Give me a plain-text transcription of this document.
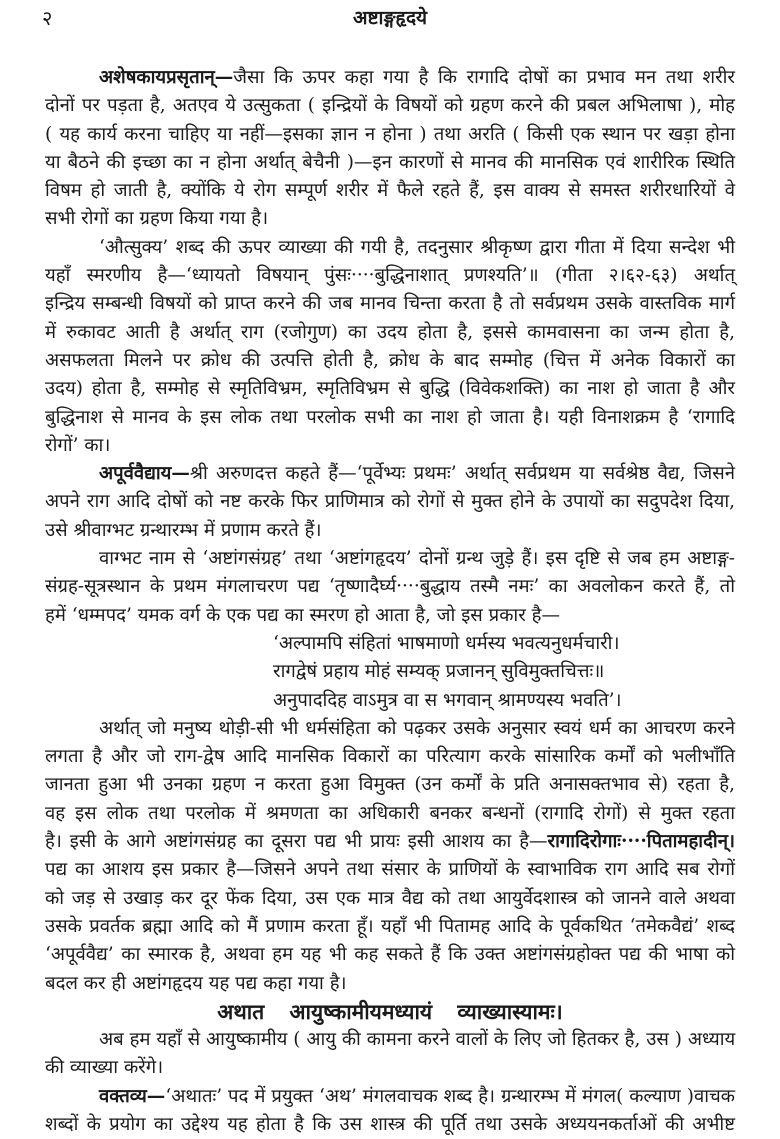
२	अष्टाङ्गहृदये
अशेषकायप्रसृतान्—जैसा कि ऊपर कहा गया है कि रागादि दोषों का प्रभाव मन तथा शरीर
दोनों पर पड़ता है, अतएव ये उत्सुकता ( इन्द्रियों के विषयों को ग्रहण करने की प्रबल अभिलाषा ), मोह
( यह कार्य करना चाहिए या नहीं—इसका ज्ञान न होना ) तथा अरति ( किसी एक स्थान पर खड़ा होना
या बैठने की इच्छा का न होना अर्थात् बेचैनी )—इन कारणों से मानव की मानसिक एवं शारीरिक स्थिति
विषम हो जाती है, क्योंकि ये रोग सम्पूर्ण शरीर में फैले रहते हैं, इस वाक्य से समस्त शरीरधारियों वे
सभी रोगों का ग्रहण किया गया है।
‘औत्सुक्य’ शब्द की ऊपर व्याख्या की गयी है, तदनुसार श्रीकृष्ण द्वारा गीता में दिया सन्देश भी
यहाँ स्मरणीय है—‘ध्यायतो विषयान् पुंसः····बुद्धिनाशात् प्रणश्यति’॥ (गीता २।६२-६३) अर्थात्
इन्द्रिय सम्बन्धी विषयों को प्राप्त करने की जब मानव चिन्ता करता है तो सर्वप्रथम उसके वास्तविक मार्ग
में रुकावट आती है अर्थात् राग (रजोगुण) का उदय होता है, इससे कामवासना का जन्म होता है,
असफलता मिलने पर क्रोध की उत्पत्ति होती है, क्रोध के बाद सम्मोह (चित्त में अनेक विकारों का
उदय) होता है, सम्मोह से स्मृतिविभ्रम, स्मृतिविभ्रम से बुद्धि (विवेकशक्ति) का नाश हो जाता है और
बुद्धिनाश से मानव के इस लोक तथा परलोक सभी का नाश हो जाता है। यही विनाशक्रम है ‘रागादि
रोगों’ का।
अपूर्ववैद्याय—श्री अरुणदत्त कहते हैं—‘पूर्वेभ्यः प्रथमः’ अर्थात् सर्वप्रथम या सर्वश्रेष्ठ वैद्य, जिसने
अपने राग आदि दोषों को नष्ट करके फिर प्राणिमात्र को रोगों से मुक्त होने के उपायों का सदुपदेश दिया,
उसे श्रीवाग्भट ग्रन्थारम्भ में प्रणाम करते हैं।
वाग्भट नाम से ‘अष्टांगसंग्रह’ तथा ‘अष्टांगहृदय’ दोनों ग्रन्थ जुड़े हैं। इस दृष्टि से जब हम अष्टाङ्ग-
संग्रह-सूत्रस्थान के प्रथम मंगलाचरण पद्य ‘तृष्णादैर्घ्य····बुद्धाय तस्मै नमः’ का अवलोकन करते हैं, तो
हमें ‘धम्मपद’ यमक वर्ग के एक पद्य का स्मरण हो आता है, जो इस प्रकार है—
‘अल्पामपि संहितां भाषमाणो धर्मस्य भवत्यनुधर्मचारी।
रागद्वेषं प्रहाय मोहं सम्यक् प्रजानन् सुविमुक्तचित्तः॥
अनुपाददिह वाऽमुत्र वा स भगवान् श्रामण्यस्य भवति’।
अर्थात् जो मनुष्य थोड़ी-सी भी धर्मसंहिता को पढ़कर उसके अनुसार स्वयं धर्म का आचरण करने
लगता है और जो राग-द्वेष आदि मानसिक विकारों का परित्याग करके सांसारिक कर्मों को भलीभाँति
जानता हुआ भी उनका ग्रहण न करता हुआ विमुक्त (उन कर्मों के प्रति अनासक्तभाव से) रहता है,
वह इस लोक तथा परलोक में श्रमणता का अधिकारी बनकर बन्धनों (रागादि रोगों) से मुक्त रहता
है। इसी के आगे अष्टांगसंग्रह का दूसरा पद्य भी प्रायः इसी आशय का है—रागादिरोगाः····पितामहादीन्।
पद्य का आशय इस प्रकार है—जिसने अपने तथा संसार के प्राणियों के स्वाभाविक राग आदि सब रोगों
को जड़ से उखाड़ कर दूर फेंक दिया, उस एक मात्र वैद्य को तथा आयुर्वेदशास्त्र को जानने वाले अथवा
उसके प्रवर्तक ब्रह्मा आदि को मैं प्रणाम करता हूँ। यहाँ भी पितामह आदि के पूर्वकथित ‘तमेकवैद्यं’ शब्द
‘अपूर्ववैद्य’ का स्मारक है, अथवा हम यह भी कह सकते हैं कि उक्त अष्टांगसंग्रहोक्त पद्य की भाषा को
बदल कर ही अष्टांगहृदय यह पद्य कहा गया है।
अथात आयुष्कामीयमध्यायं व्याख्यास्यामः।
अब हम यहाँ से आयुष्कामीय ( आयु की कामना करने वालों के लिए जो हितकर है, उस ) अध्याय
की व्याख्या करेंगे।
वक्तव्य—‘अथातः’ पद में प्रयुक्त ‘अथ’ मंगलवाचक शब्द है। ग्रन्थारम्भ में मंगल( कल्याण )वाचक
शब्दों के प्रयोग का उद्देश्य यह होता है कि उस शास्त्र की पूर्ति तथा उसके अध्ययनकर्ताओं की अभीष्ट
